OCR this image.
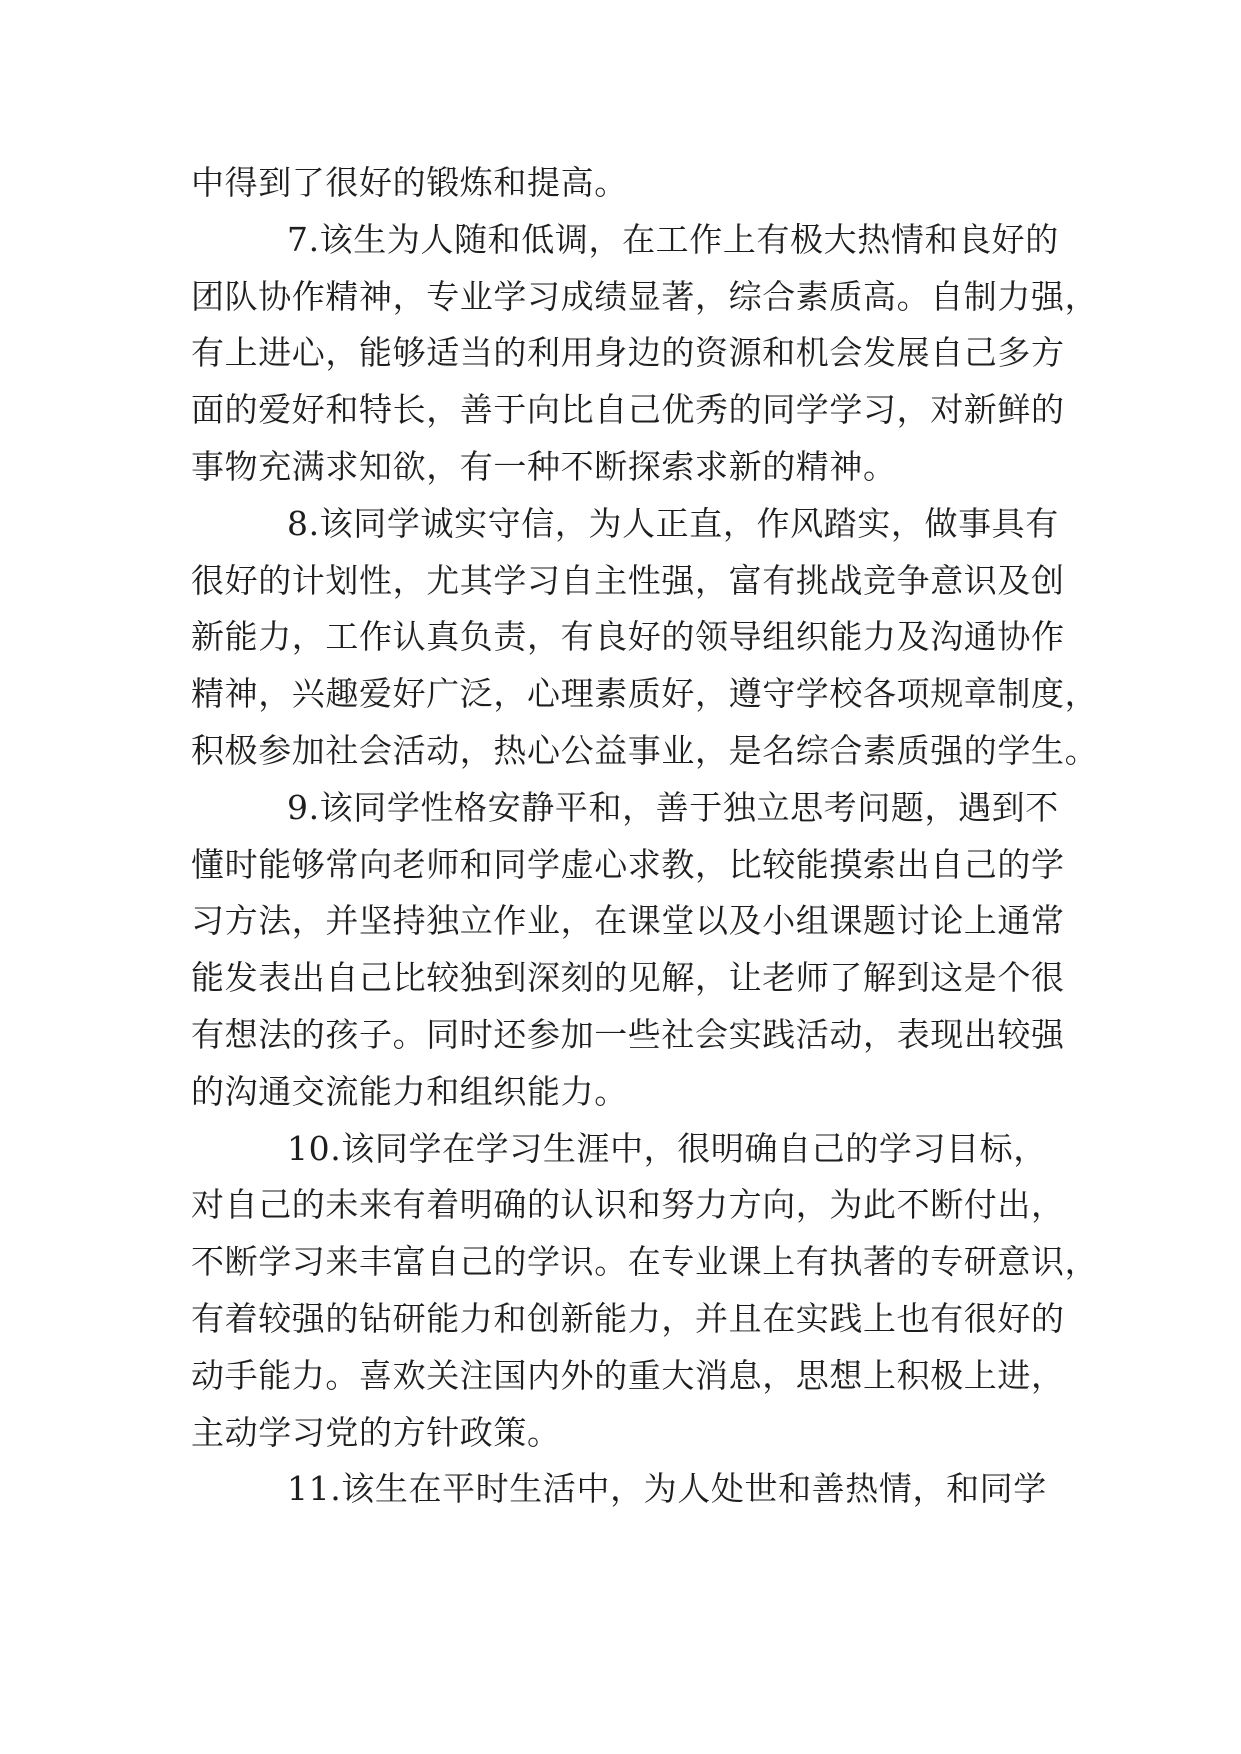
中得到了很好的锻炼和提高。
7.该生为人随和低调，在工作上有极大热情和良好的
团队协作精神，专业学习成绩显著，综合素质高。自制力强，
有上进心，能够适当的利用身边的资源和机会发展自己多方
面的爱好和特长，善于向比自己优秀的同学学习，对新鲜的
事物充满求知欲，有一种不断探索求新的精神。
8.该同学诚实守信，为人正直，作风踏实，做事具有
很好的计划性，尤其学习自主性强，富有挑战竞争意识及创
新能力，工作认真负责，有良好的领导组织能力及沟通协作
精神，兴趣爱好广泛，心理素质好，遵守学校各项规章制度，
积极参加社会活动，热心公益事业，是名综合素质强的学生。
9.该同学性格安静平和，善于独立思考问题，遇到不
懂时能够常向老师和同学虚心求教，比较能摸索出自己的学
习方法，并坚持独立作业，在课堂以及小组课题讨论上通常
能发表出自己比较独到深刻的见解，让老师了解到这是个很
有想法的孩子。同时还参加一些社会实践活动，表现出较强
的沟通交流能力和组织能力。
10.该同学在学习生涯中，很明确自己的学习目标，
对自己的未来有着明确的认识和努力方向，为此不断付出，
不断学习来丰富自己的学识。在专业课上有执著的专研意识，
有着较强的钻研能力和创新能力，并且在实践上也有很好的
动手能力。喜欢关注国内外的重大消息，思想上积极上进，
主动学习党的方针政策。
11.该生在平时生活中，为人处世和善热情，和同学
